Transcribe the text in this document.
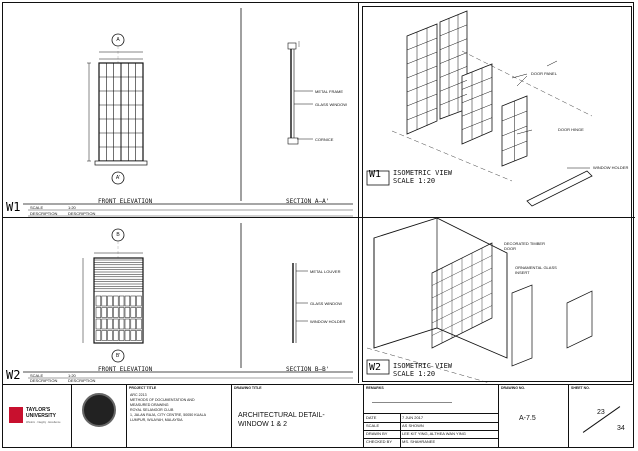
A
A'
METAL FRAME
GLASS WINDOW
CORNICE
W1	FRONT ELEVATION	SECTION A–A'
SCALE	1:20
DESCRIPTION	DESCRIPTION
B
B'
METAL LOUVER
GLASS WINDOW
WINDOW HOLDER
W2	FRONT ELEVATION	SECTION B–B'
SCALE	1:20
DESCRIPTION	DESCRIPTION
DOOR PANEL
DOOR HINGE
WINDOW HOLDER
W1 ISOMETRIC VIEW
SCALE 1:20
DECORATED TIMBER DOOR
ORNAMENTAL GLASS INSERT
W2 ISOMETRIC VIEW
SCALE 1:20
TAYLOR'S UNIVERSITY
Wisdom · Integrity · Excellence
PROJECT TITLE
ARC 2213
METHODS OF DOCUMENTATION AND
MEASURED DRAWING
ROYAL SELANGOR CLUB
1, JALAN RAJA, CITY CENTRE, 50050 KUALA
LUMPUR, WILAYAH, MALAYSIA
DRAWING TITLE
ARCHITECTURAL DETAIL-
WINDOW 1 & 2
REMARKS
DATE	7 JUN 2017
SCALE	AS SHOWN
DRAWN BY	LEE KIT YING, ALTHEA WAN YING
CHECKED BY MS. SHAHRANEE
DRAWING NO.
A-7.5
SHEET NO.
23
34
